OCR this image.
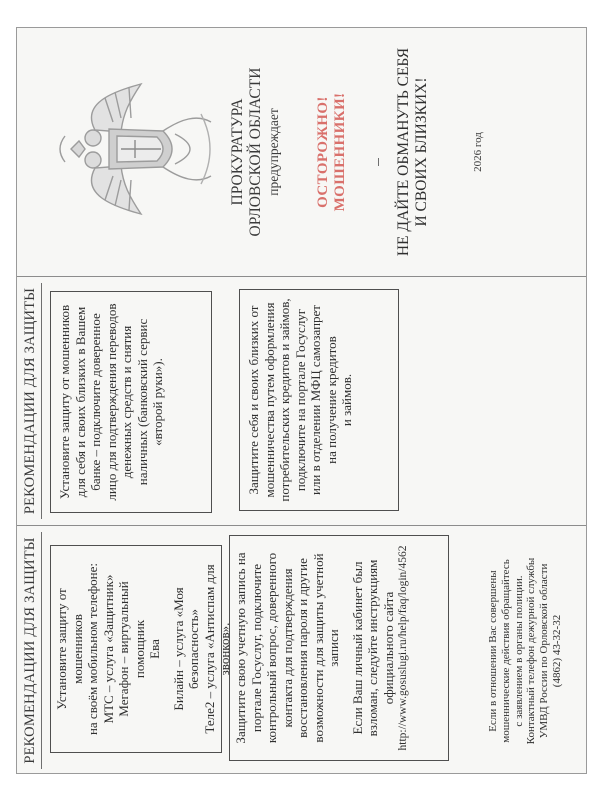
РЕКОМЕНДАЦИИ ДЛЯ ЗАЩИТЫ	Установите защиту от мошенников на своём мобильном телефоне: МТС – услуга «Защитник» Мегафон – виртуальный помощник Ева Билайн – услуга «Моя безопасность» Теле2 – услуга «Антиспам для звонков». Защитите свою учетную запись на портале Госуслуг, подключите контрольный вопрос, доверенного контакта для подтверждения восстановления пароля и другие возможности для защиты учетной записи Если Ваш личный кабинет был взломан, следуйте инструкциям официального сайта http://www.gosuslugi.ru/help/faq/login/4562	Если в отношении Вас совершены мошеннические действия обращайтесь с заявлением в органы полиции. Контактный телефон дежурной службы УМВД России по Орловской области (4862) 43-32-32
РЕКОМЕНДАЦИИ ДЛЯ ЗАЩИТЫ	Установите защиту от мошенников для себя и своих близких в Вашем банке – подключите доверенное лицо для подтверждения переводов денежных средств и снятия наличных (банковский сервис «второй руки»).	Защитите себя и своих близких от мошенничества путем оформления потребительских кредитов и займов, подключите на портале Госуслуг или в отделении МФЦ самозапрет на получение кредитов и займов.

ПРОКУРАТУРА ОРЛОВСКОЙ ОБЛАСТИ предупреждает ОСТОРОЖНО! МОШЕННИКИ!	НЕ ДАЙТЕ ОБМАНУТЬ СЕБЯ И СВОИХ БЛИЗКИХ!	2026 год
